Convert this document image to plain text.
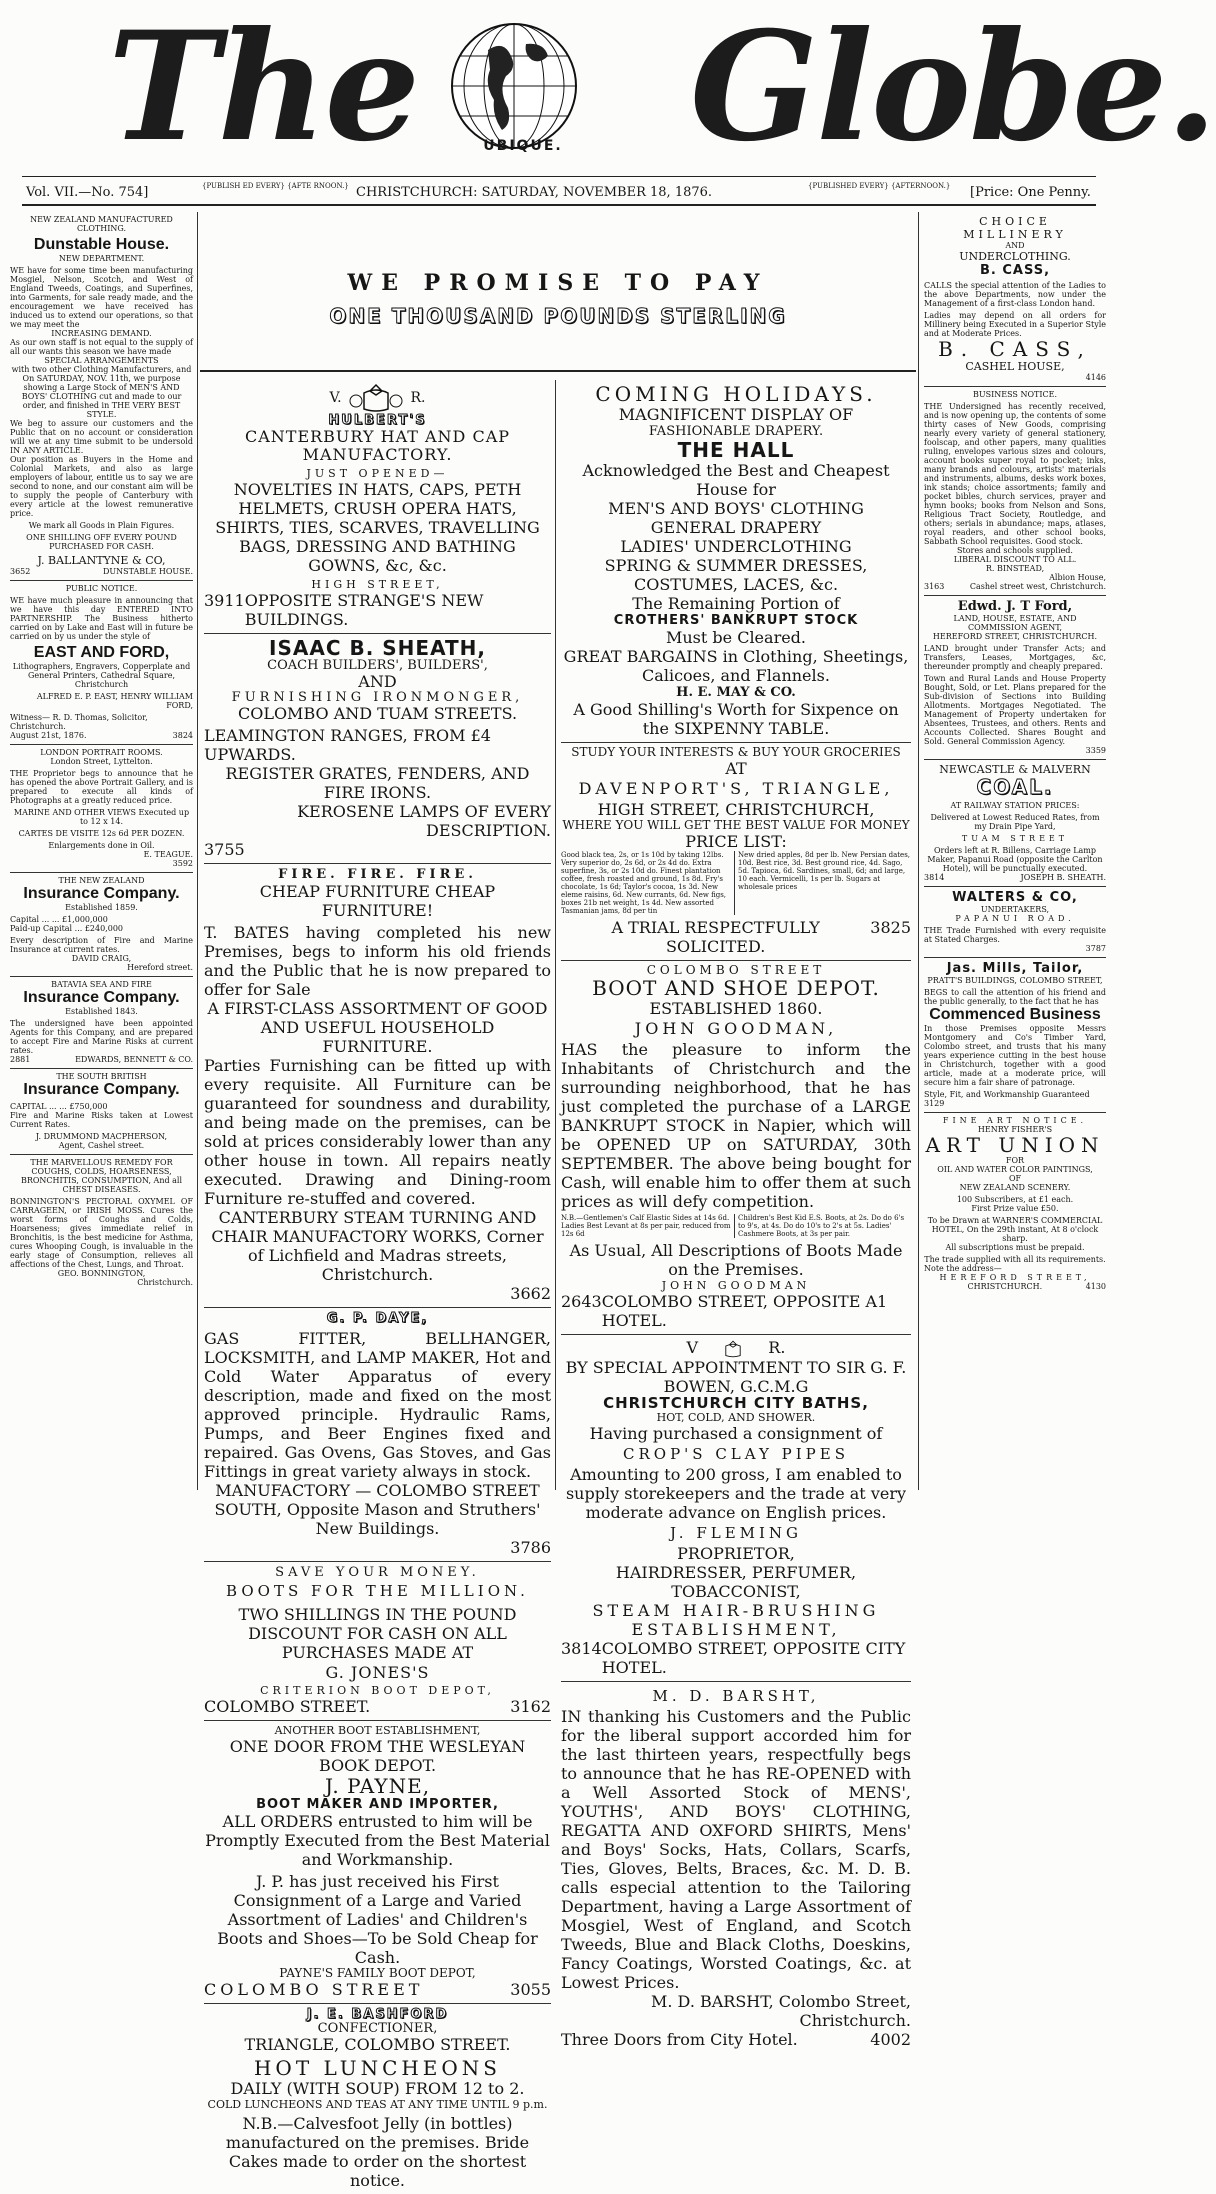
The	UBIQUE. Globe.
Vol. VII.—No. 754]	{PUBLISH ED EVERY} {AFTE RNOON.} CHRISTCHURCH: SATURDAY, NOVEMBER 18, 1876.	{PUBLISHED EVERY} {AFTERNOON.} [Price: One Penny.
NEW ZEALAND MANUFACTURED CLOTHING.
Dunstable House.
NEW DEPARTMENT.

WE have for some time been manufacturing Mosgiel, Nelson, Scotch, and West of England Tweeds, Coatings, and Superfines, into Garments, for sale ready made, and the encouragement we have received has induced us to extend our operations, so that we may meet the

INCREASING DEMAND.

As our own staff is not equal to the supply of all our wants this season we have made

SPECIAL ARRANGEMENTS

with two other Clothing Manufacturers, and On SATURDAY, NOV. 11th, we purpose showing a Large Stock of MEN'S AND BOYS' CLOTHING cut and made to our order, and finished in THE VERY BEST STYLE.

We beg to assure our customers and the Public that on no account or consideration will we at any time submit to be undersold IN ANY ARTICLE.

Our position as Buyers in the Home and Colonial Markets, and also as large employers of labour, entitle us to say we are second to none, and our constant aim will be to supply the people of Canterbury with every article at the lowest remunerative price.

We mark all Goods in Plain Figures.
ONE SHILLING OFF EVERY POUND PURCHASED FOR CASH.
J. BALLANTYNE & CO,
3652	DUNSTABLE HOUSE.
PUBLIC NOTICE.

WE have much pleasure in announcing that we have this day ENTERED INTO PARTNERSHIP. The Business hitherto carried on by Lake and East will in future be carried on by us under the style of

EAST AND FORD,

Lithographers, Engravers, Copperplate and General Printers, Cathedral Square, Christchurch

ALFRED E. P. EAST, HENRY WILLIAM FORD,

Witness— R. D. Thomas, Solicitor, Christchurch.

August 21st, 1876.	3824
LONDON PORTRAIT ROOMS.
London Street, Lyttelton.

THE Proprietor begs to announce that he has opened the above Portrait Gallery, and is prepared to execute all kinds of Photographs at a greatly reduced price.

MARINE AND OTHER VIEWS Executed up to 12 x 14.

CARTES DE VISITE 12s 6d PER DOZEN.

Enlargements done in Oil.

E. TEAGUE.
3592
THE NEW ZEALAND
Insurance Company.
Established 1859.
Capital ... ... £1,000,000
Paid-up Capital ... £240,000

Every description of Fire and Marine Insurance at current rates.

DAVID CRAIG,
Hereford street.
BATAVIA SEA AND FIRE
Insurance Company.
Established 1843.

The undersigned have been appointed Agents for this Company, and are prepared to accept Fire and Marine Risks at current rates.

2881	EDWARDS, BENNETT & CO.
THE SOUTH BRITISH
Insurance Company.
CAPITAL ... ... £750,000

Fire and Marine Risks taken at Lowest Current Rates.

J. DRUMMOND MACPHERSON,
Agent, Cashel street.
THE MARVELLOUS REMEDY FOR COUGHS, COLDS, HOARSENESS, BRONCHITIS, CONSUMPTION, And all CHEST DISEASES.

BONNINGTON'S PECTORAL OXYMEL OF CARRAGEEN, or IRISH MOSS. Cures the worst forms of Coughs and Colds, Hoarseness; gives immediate relief in Bronchitis, is the best medicine for Asthma, cures Whooping Cough, is invaluable in the early stage of Consumption, relieves all affections of the Chest, Lungs, and Throat.

GEO. BONNINGTON,
Christchurch.
WE PROMISE TO PAY
ONE THOUSAND POUNDS STERLING
V.	R.
HULBERT'S
CANTERBURY HAT AND CAP MANUFACTORY.
JUST OPENED—

NOVELTIES IN HATS, CAPS, PETH HELMETS, CRUSH OPERA HATS, SHIRTS, TIES, SCARVES, TRAVELLING BAGS, DRESSING AND BATHING GOWNS, &c, &c.

HIGH STREET,
3911 OPPOSITE STRANGE'S NEW BUILDINGS.
ISAAC B. SHEATH,
COACH BUILDERS', BUILDERS',
AND
FURNISHING IRONMONGER,
COLOMBO AND TUAM STREETS.
LEAMINGTON RANGES, FROM £4 UPWARDS.
REGISTER GRATES, FENDERS, AND FIRE IRONS.
KEROSENE LAMPS OF EVERY DESCRIPTION.
3755
FIRE. FIRE. FIRE.
CHEAP FURNITURE CHEAP FURNITURE!

T. BATES having completed his new Premises, begs to inform his old friends and the Public that he is now prepared to offer for Sale

A FIRST-CLASS ASSORTMENT OF GOOD AND USEFUL HOUSEHOLD FURNITURE.

Parties Furnishing can be fitted up with every requisite. All Furniture can be guaranteed for soundness and durability, and being made on the premises, can be sold at prices considerably lower than any other house in town. All repairs neatly executed. Drawing and Dining-room Furniture re-stuffed and covered.

CANTERBURY STEAM TURNING AND CHAIR MANUFACTORY WORKS, Corner of Lichfield and Madras streets, Christchurch.

3662
G. P. DAYE,

GAS FITTER, BELLHANGER, LOCKSMITH, and LAMP MAKER, Hot and Cold Water Apparatus of every description, made and fixed on the most approved principle. Hydraulic Rams, Pumps, and Beer Engines fixed and repaired. Gas Ovens, Gas Stoves, and Gas Fittings in great variety always in stock.

MANUFACTORY — COLOMBO STREET SOUTH, Opposite Mason and Struthers' New Buildings.

3786
SAVE YOUR MONEY.
BOOTS FOR THE MILLION.

TWO SHILLINGS IN THE POUND DISCOUNT FOR CASH ON ALL PURCHASES MADE AT

G. JONES'S
CRITERION BOOT DEPOT,
COLOMBO STREET.	3162
ANOTHER BOOT ESTABLISHMENT,
ONE DOOR FROM THE WESLEYAN BOOK DEPOT.
J. PAYNE,
BOOT MAKER AND IMPORTER,

ALL ORDERS entrusted to him will be Promptly Executed from the Best Material and Workmanship.

J. P. has just received his First Consignment of a Large and Varied Assortment of Ladies' and Children's Boots and Shoes—To be Sold Cheap for Cash.

PAYNE'S FAMILY BOOT DEPOT,
COLOMBO STREET	3055
J. E. BASHFORD
CONFECTIONER,
TRIANGLE, COLOMBO STREET.
HOT LUNCHEONS
DAILY (WITH SOUP) FROM 12 to 2.
COLD LUNCHEONS AND TEAS AT ANY TIME UNTIL 9 p.m.

N.B.—Calvesfoot Jelly (in bottles) manufactured on the premises. Bride Cakes made to order on the shortest notice.

COMING HOLIDAYS.
MAGNIFICENT DISPLAY OF
FASHIONABLE DRAPERY.
THE HALL
Acknowledged the Best and Cheapest House for
MEN'S AND BOYS' CLOTHING
GENERAL DRAPERY
LADIES' UNDERCLOTHING
SPRING & SUMMER DRESSES, COSTUMES, LACES, &c.
The Remaining Portion of
CROTHERS' BANKRUPT STOCK
Must be Cleared.
GREAT BARGAINS in Clothing, Sheetings, Calicoes, and Flannels.
H. E. MAY & CO.
A Good Shilling's Worth for Sixpence on the SIXPENNY TABLE.
STUDY YOUR INTERESTS & BUY YOUR GROCERIES
AT
DAVENPORT'S, TRIANGLE,
HIGH STREET, CHRISTCHURCH,
WHERE YOU WILL GET THE BEST VALUE FOR MONEY
PRICE LIST:
Good black tea, 2s, or 1s 10d by taking 12lbs. Very superior do, 2s 6d, or 2s 4d do. Extra superfine, 3s, or 2s 10d do. Finest plantation coffee, fresh roasted and ground, 1s 8d. Fry's chocolate, 1s 6d; Taylor's cocoa, 1s 3d. New eleme raisins, 6d. New currants, 6d. New figs, boxes 21b net weight, 1s 4d. New assorted Tasmanian jams, 8d per tin
New dried apples, 8d per lb. New Persian dates, 10d. Best rice, 3d. Best ground rice, 4d. Sago, 5d. Tapioca, 6d. Sardines, small, 6d; and large, 10 each. Vermicelli, 1s per lb. Sugars at wholesale prices
A TRIAL RESPECTFULLY SOLICITED.
3825
COLOMBO STREET
BOOT AND SHOE DEPOT.
ESTABLISHED 1860.
JOHN GOODMAN,

HAS the pleasure to inform the Inhabitants of Christchurch and the surrounding neighborhood, that he has just completed the purchase of a LARGE BANKRUPT STOCK in Napier, which will be OPENED UP on SATURDAY, 30th SEPTEMBER. The above being bought for Cash, will enable him to offer them at such prices as will defy competition.

N.B.—Gentlemen's Calf Elastic Sides at 14s 6d. Ladies Best Levant at 8s per pair, reduced from 12s 6d
Children's Best Kid E.S. Boots, at 2s. Do do 6's to 9's, at 4s. Do do 10's to 2's at 5s. Ladies' Cashmere Boots, at 3s per pair.
As Usual, All Descriptions of Boots Made on the Premises.
JOHN GOODMAN
2643 COLOMBO STREET, OPPOSITE A1 HOTEL.
V	R.
BY SPECIAL APPOINTMENT TO SIR G. F. BOWEN, G.C.M.G
CHRISTCHURCH CITY BATHS,
HOT, COLD, AND SHOWER.
Having purchased a consignment of
CROP'S CLAY PIPES

Amounting to 200 gross, I am enabled to supply storekeepers and the trade at very moderate advance on English prices.

J. FLEMING
PROPRIETOR,
HAIRDRESSER, PERFUMER, TOBACCONIST,
STEAM HAIR-BRUSHING ESTABLISHMENT,
3814 COLOMBO STREET, OPPOSITE CITY HOTEL.
M. D. BARSHT,

IN thanking his Customers and the Public for the liberal support accorded him for the last thirteen years, respectfully begs to announce that he has RE-OPENED with a Well Assorted Stock of MENS', YOUTHS', AND BOYS' CLOTHING, REGATTA AND OXFORD SHIRTS, Mens' and Boys' Socks, Hats, Collars, Scarfs, Ties, Gloves, Belts, Braces, &c. M. D. B. calls especial attention to the Tailoring Department, having a Large Assortment of Mosgiel, West of England, and Scotch Tweeds, Blue and Black Cloths, Doeskins, Fancy Coatings, Worsted Coatings, &c. at Lowest Prices.

M. D. BARSHT, Colombo Street, Christchurch.
Three Doors from City Hotel.	4002
CHOICE MILLINERY
AND
UNDERCLOTHING.
B. CASS,

CALLS the special attention of the Ladies to the above Departments, now under the Management of a first-class London hand.

Ladies may depend on all orders for Millinery being Executed in a Superior Style and at Moderate Prices.

B. CASS,
CASHEL HOUSE,
4146
BUSINESS NOTICE.

THE Undersigned has recently received, and is now opening up, the contents of some thirty cases of New Goods, comprising nearly every variety of general stationery, foolscap, and other papers, many qualities ruling, envelopes various sizes and colours, account books super royal to pocket; inks, many brands and colours, artists' materials and instruments, albums, desks work boxes, ink stands; choice assortments; family and pocket bibles, church services, prayer and hymn books; books from Nelson and Sons, Religious Tract Society, Routledge, and others; serials in abundance; maps, atlases, royal readers, and other school books, Sabbath School requisites. Good stock.

Stores and schools supplied.
LIBERAL DISCOUNT TO ALL.
R. BINSTEAD,
Albion House,
3163	Cashel street west, Christchurch.
Edwd. J. T Ford,
LAND, HOUSE, ESTATE, AND COMMISSION AGENT,
HEREFORD STREET, CHRISTCHURCH.

LAND brought under Transfer Acts; and Transfers, Leases, Mortgages, &c, thereunder promptly and cheaply prepared.

Town and Rural Lands and House Property Bought, Sold, or Let. Plans prepared for the Sub-division of Sections into Building Allotments. Mortgages Negotiated. The Management of Property undertaken for Absentees, Trustees, and others. Rents and Accounts Collected. Shares Bought and Sold. General Commission Agency.

3359
NEWCASTLE & MALVERN
COAL.
AT RAILWAY STATION PRICES:

Delivered at Lowest Reduced Rates, from my Drain Pipe Yard,

TUAM STREET

Orders left at R. Billens, Carriage Lamp Maker, Papanui Road (opposite the Carlton Hotel), will be punctually executed.

3814	JOSEPH B. SHEATH.
WALTERS & CO,
UNDERTAKERS,
PAPANUI ROAD.

THE Trade Furnished with every requisite at Stated Charges.

3787
Jas. Mills, Tailor,
PRATT'S BUILDINGS, COLOMBO STREET,

BEGS to call the attention of his friend and the public generally, to the fact that he has

Commenced Business

In those Premises opposite Messrs Montgomery and Co's Timber Yard, Colombo street, and trusts that his many years experience cutting in the best house in Christchurch, together with a good article, made at a moderate price, will secure him a fair share of patronage.

Style, Fit, and Workmanship Guaranteed
3129
FINE ART NOTICE.
HENRY FISHER'S
ART UNION
FOR
OIL AND WATER COLOR PAINTINGS,
OF
NEW ZEALAND SCENERY.
100 Subscribers, at £1 each.
First Prize value £50.

To be Drawn at WARNER'S COMMERCIAL HOTEL, On the 29th instant, At 8 o'clock sharp.

All subscriptions must be prepaid.
The trade supplied with all its requirements.
Note the address—
HEREFORD STREET,
CHRISTCHURCH.	4130
